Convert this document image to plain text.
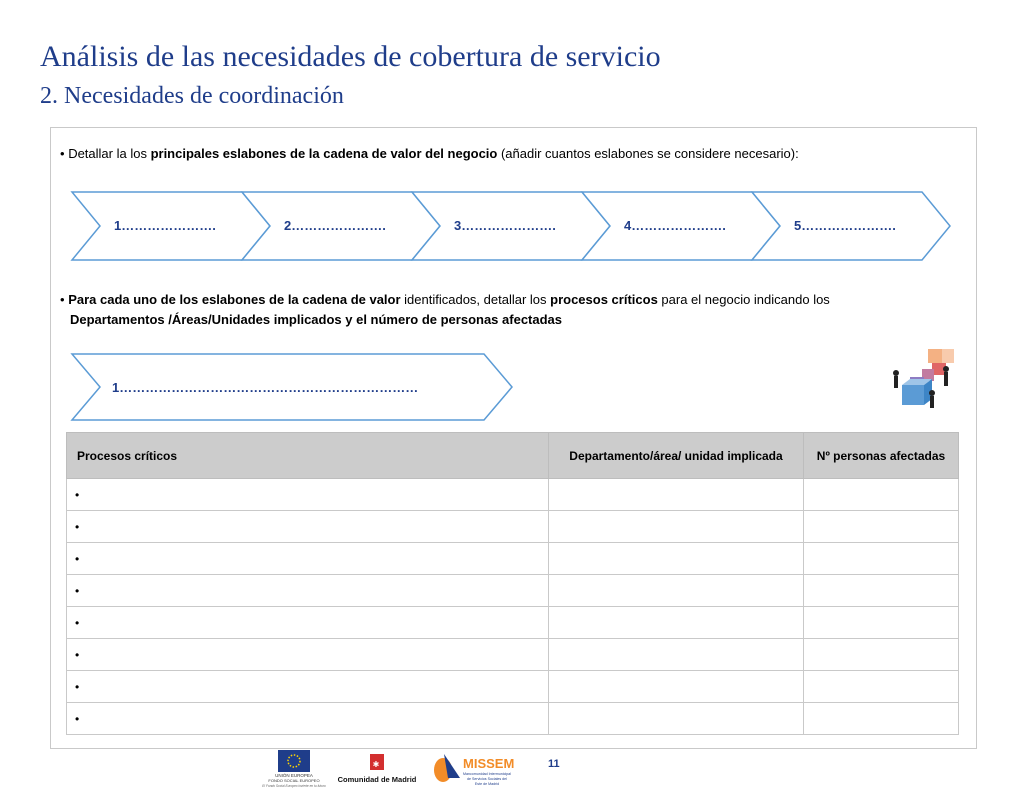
Análisis de las necesidades de cobertura de servicio
2. Necesidades de coordinación
• Detallar la los principales eslabones de la cadena de valor del negocio (añadir cuantos eslabones se considere necesario):
1………………….	2………………….	3………………….	4………………….	5………………….
• Para cada uno de los eslabones de la cadena de valor identificados, detallar los procesos críticos para el negocio indicando los
Departamentos /Áreas/Unidades implicados y el número de personas afectadas
1……………………………………………………………
Procesos críticos	Departamento/área/ unidad implicada	Nº personas afectadas
•		
•		
•		
•		
•		
•		
•		
•		
UNIÓN EUROPEA
FONDO SOCIAL EUROPEO
El Fondo Social Europeo invierte en tu futuro
✱
Comunidad de Madrid
MISSEM
Mancomunidad Intermunicipal
de Servicios Sociales del
Este de Madrid
11
